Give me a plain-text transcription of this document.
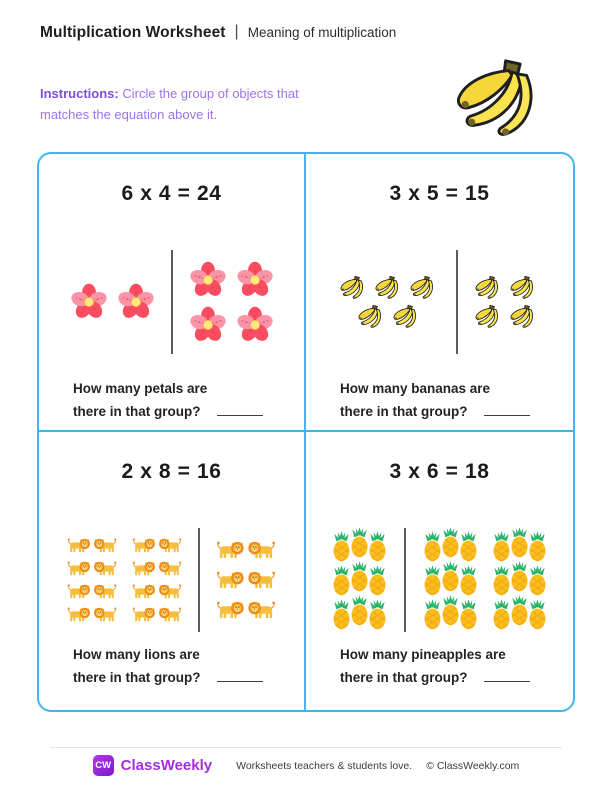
Multiplication Worksheet | Meaning of multiplication

Instructions: Circle the group of objects that matches the equation above it.

6 x 4 = 24

How many petals are
there in that group?

3 x 5 = 15

How many bananas are
there in that group?

2 x 8 = 16

How many lions are
there in that group?

3 x 6 = 18

How many pineapples are
there in that group?

CW ClassWeekly Worksheets teachers & students love. © ClassWeekly.com
